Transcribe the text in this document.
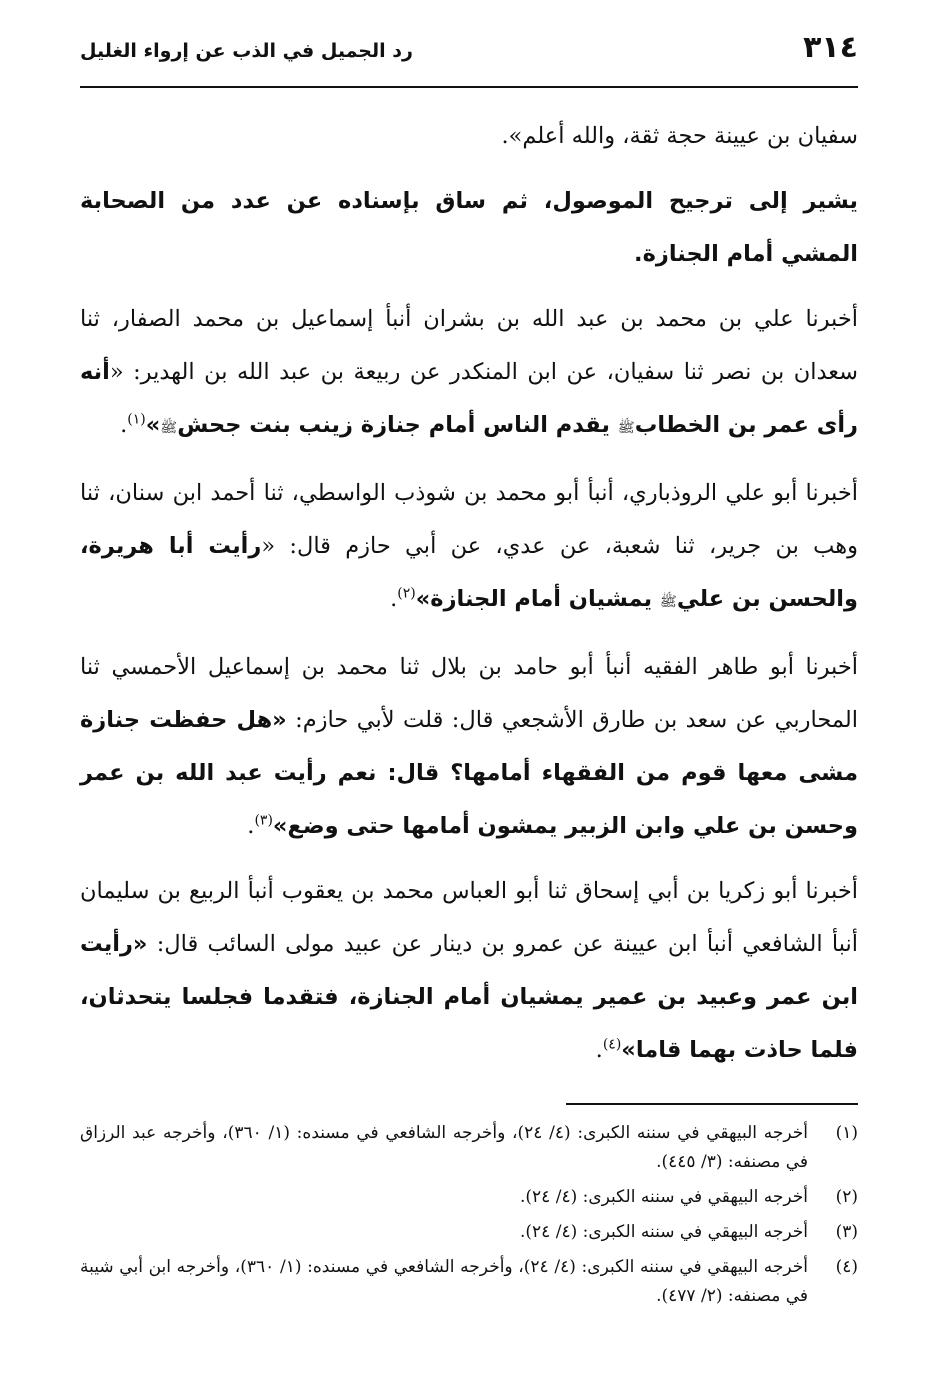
٣١٤
رد الجميل في الذب عن إرواء الغليل

سفيان بن عيينة حجة ثقة، والله أعلم».

يشير إلى ترجيح الموصول، ثم ساق بإسناده عن عدد من الصحابة المشي أمام الجنازة.

أخبرنا علي بن محمد بن عبد الله بن بشران أنبأ إسماعيل بن محمد الصفار، ثنا سعدان بن نصر ثنا سفيان، عن ابن المنكدر عن ربيعة بن عبد الله بن الهدير: «أنه رأى عمر بن الخطابﷺ يقدم الناس أمام جنازة زينب بنت جحشﷺ»$^{(١)}$.

أخبرنا أبو علي الروذباري، أنبأ أبو محمد بن شوذب الواسطي، ثنا أحمد ابن سنان، ثنا وهب بن جرير، ثنا شعبة، عن عدي، عن أبي حازم قال: «رأيت أبا هريرة، والحسن بن عليﷺ يمشيان أمام الجنازة»$^{(٢)}$.

أخبرنا أبو طاهر الفقيه أنبأ أبو حامد بن بلال ثنا محمد بن إسماعيل الأحمسي ثنا المحاربي عن سعد بن طارق الأشجعي قال: قلت لأبي حازم: «هل حفظت جنازة مشى معها قوم من الفقهاء أمامها؟ قال: نعم رأيت عبد الله بن عمر وحسن بن علي وابن الزبير يمشون أمامها حتى وضع»$^{(٣)}$.

أخبرنا أبو زكريا بن أبي إسحاق ثنا أبو العباس محمد بن يعقوب أنبأ الربيع بن سليمان أنبأ الشافعي أنبأ ابن عيينة عن عمرو بن دينار عن عبيد مولى السائب قال: «رأيت ابن عمر وعبيد بن عمير يمشيان أمام الجنازة، فتقدما فجلسا يتحدثان، فلما حاذت بهما قاما»$^{(٤)}$.

(١)
أخرجه البيهقي في سننه الكبرى: (٤/ ٢٤)، وأخرجه الشافعي في مسنده: (١/ ٣٦٠)، وأخرجه عبد الرزاق في مصنفه: (٣/ ٤٤٥).
(٢)
أخرجه البيهقي في سننه الكبرى: (٤/ ٢٤).
(٣)
أخرجه البيهقي في سننه الكبرى: (٤/ ٢٤).
(٤)
أخرجه البيهقي في سننه الكبرى: (٤/ ٢٤)، وأخرجه الشافعي في مسنده: (١/ ٣٦٠)، وأخرجه ابن أبي شيبة في مصنفه: (٢/ ٤٧٧).
